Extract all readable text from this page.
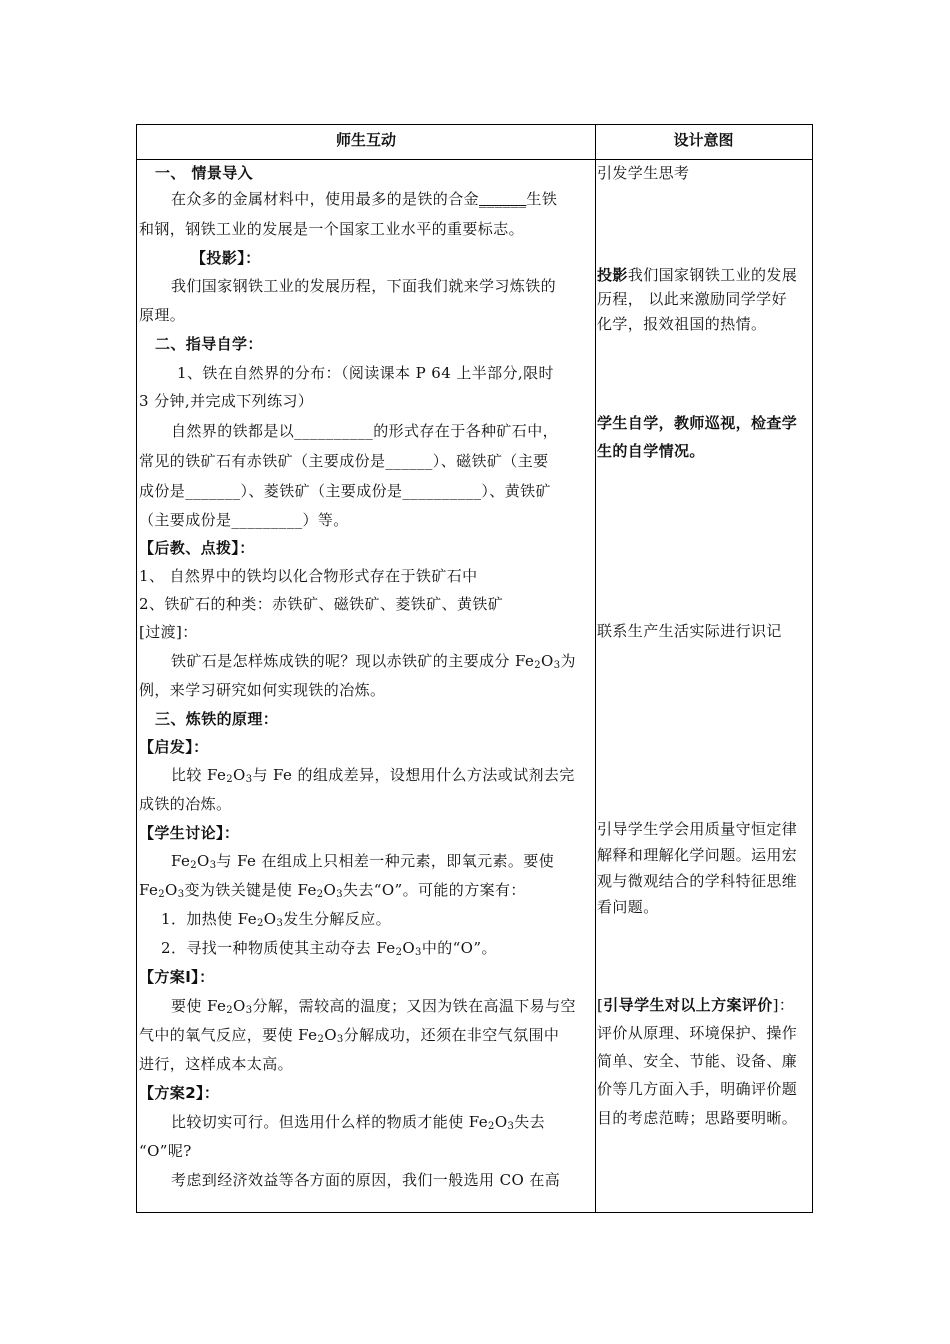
师生互动	设计意图
一、 情景导入
在众多的金属材料中，使用最多的是铁的合金______生铁
和钢，钢铁工业的发展是一个国家工业水平的重要标志。
【投影】：
我们国家钢铁工业的发展历程，下面我们就来学习炼铁的
原理。
二、指导自学：
1、铁在自然界的分布：（阅读课本 P 64 上半部分,限时
3 分钟,并完成下列练习）
自然界的铁都是以__________的形式存在于各种矿石中，
常见的铁矿石有赤铁矿（主要成份是______）、磁铁矿（主要
成份是_______）、菱铁矿（主要成份是__________）、黄铁矿
（主要成份是_________）等。
【后教、点拨】：
1、 自然界中的铁均以化合物形式存在于铁矿石中
2、铁矿石的种类：赤铁矿、磁铁矿、菱铁矿、黄铁矿
[过渡]：
铁矿石是怎样炼成铁的呢？现以赤铁矿的主要成分 $Fe_2O_3$为
例，来学习研究如何实现铁的冶炼。
三、炼铁的原理：
【启发】：
比较 $Fe_2O_3$与 Fe 的组成差异，设想用什么方法或试剂去完
成铁的冶炼。
【学生讨论】：
$Fe_2O_3$与 Fe 在组成上只相差一种元素，即氧元素。要使
$Fe_2O_3$变为铁关键是使 $Fe_2O_3$失去“O”。可能的方案有：
1．加热使 $Fe_2O_3$发生分解反应。
2．寻找一种物质使其主动夺去 $Fe_2O_3$中的“O”。
【方案Ⅰ】：
要使 $Fe_2O_3$分解，需较高的温度；又因为铁在高温下易与空
气中的氧气反应，要使 $Fe_2O_3$分解成功，还须在非空气氛围中
进行，这样成本太高。
【方案2】：
比较切实可行。但选用什么样的物质才能使 $Fe_2O_3$失去
“O”呢?
考虑到经济效益等各方面的原因，我们一般选用 CO 在高
引发学生思考
投影我们国家钢铁工业的发展
历程， 以此来激励同学学好
化学，报效祖国的热情。
学生自学，教师巡视，检查学
生的自学情况。
联系生产生活实际进行识记
引导学生学会用质量守恒定律
解释和理解化学问题。运用宏
观与微观结合的学科特征思维
看问题。
[引导学生对以上方案评价]：
评价从原理、环境保护、操作
简单、安全、节能、设备、廉
价等几方面入手，明确评价题
目的考虑范畴；思路要明晰。
